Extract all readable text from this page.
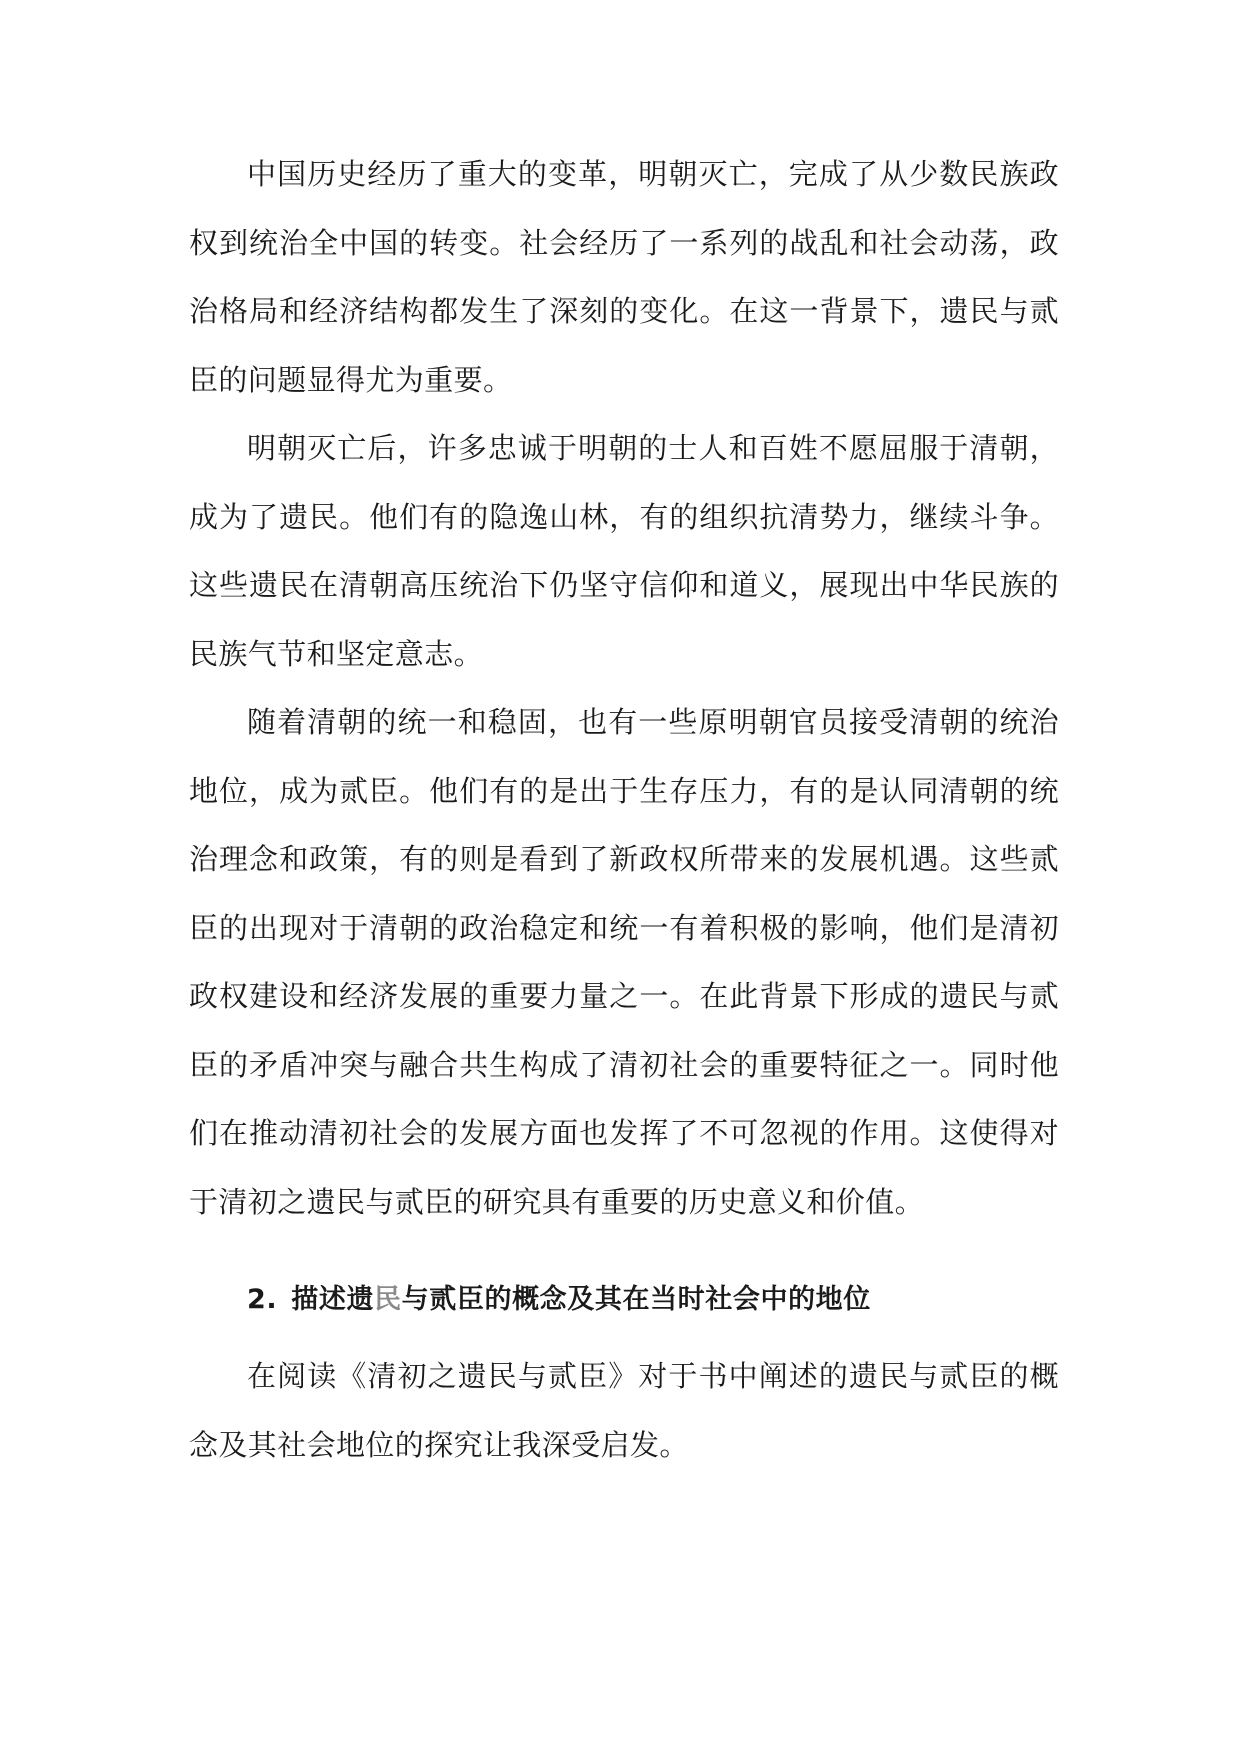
中国历史经历了重大的变革，明朝灭亡，完成了从少数民族政权到统治全中国的转变。社会经历了一系列的战乱和社会动荡，政治格局和经济结构都发生了深刻的变化。在这一背景下，遗民与贰臣的问题显得尤为重要。

明朝灭亡后，许多忠诚于明朝的士人和百姓不愿屈服于清朝，成为了遗民。他们有的隐逸山林，有的组织抗清势力，继续斗争。这些遗民在清朝高压统治下仍坚守信仰和道义，展现出中华民族的民族气节和坚定意志。

随着清朝的统一和稳固，也有一些原明朝官员接受清朝的统治地位，成为贰臣。他们有的是出于生存压力，有的是认同清朝的统治理念和政策，有的则是看到了新政权所带来的发展机遇。这些贰臣的出现对于清朝的政治稳定和统一有着积极的影响，他们是清初政权建设和经济发展的重要力量之一。在此背景下形成的遗民与贰臣的矛盾冲突与融合共生构成了清初社会的重要特征之一。同时他们在推动清初社会的发展方面也发挥了不可忽视的作用。这使得对于清初之遗民与贰臣的研究具有重要的历史意义和价值。

2. 描述遗民与贰臣的概念及其在当时社会中的地位

在阅读《清初之遗民与贰臣》对于书中阐述的遗民与贰臣的概念及其社会地位的探究让我深受启发。
